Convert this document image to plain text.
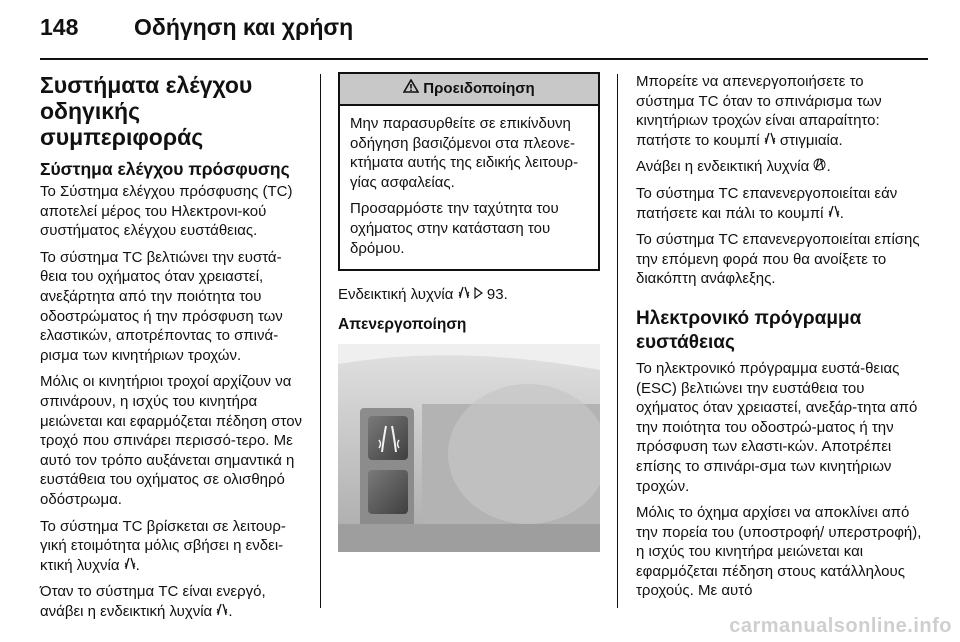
148 Οδήγηση και χρήση
Συστήματα ελέγχου οδηγικής συμπεριφοράς
Σύστημα ελέγχου πρόσφυσης

Το Σύστημα ελέγχου πρόσφυσης (TC) αποτελεί μέρος του Ηλεκτρονι-κού συστήματος ελέγχου ευστάθειας.

Το σύστημα TC βελτιώνει την ευστά-θεια του οχήματος όταν χρειαστεί, ανεξάρτητα από την ποιότητα του οδοστρώματος ή την πρόσφυση των ελαστικών, αποτρέποντας το σπινά-ρισμα των κινητήριων τροχών.

Μόλις οι κινητήριοι τροχοί αρχίζουν να σπινάρουν, η ισχύς του κινητήρα μειώνεται και εφαρμόζεται πέδηση στον τροχό που σπινάρει περισσό-τερο. Με αυτό τον τρόπο αυξάνεται σημαντικά η ευστάθεια του οχήματος σε ολισθηρό οδόστρωμα.

Το σύστημα TC βρίσκεται σε λειτουρ-γική ετοιμότητα μόλις σβήσει η ενδει-κτική λυχνία .

Όταν το σύστημα TC είναι ενεργό, ανάβει η ενδεικτική λυχνία .

Προειδοποίηση

Μην παρασυρθείτε σε επικίνδυνη οδήγηση βασιζόμενοι στα πλεονε-κτήματα αυτής της ειδικής λειτουρ-γίας ασφαλείας.

Προσαρμόστε την ταχύτητα του οχήματος στην κατάσταση του δρόμου.

Ενδεικτική λυχνία 93.

Απενεργοποίηση

Μπορείτε να απενεργοποιήσετε το σύστημα TC όταν το σπινάρισμα των κινητήριων τροχών είναι απαραίτητο: πατήστε το κουμπί στιγμιαία.

Ανάβει η ενδεικτική λυχνία .

Το σύστημα TC επανενεργοποιείται εάν πατήσετε και πάλι το κουμπί .

Το σύστημα TC επανενεργοποιείται επίσης την επόμενη φορά που θα ανοίξετε το διακόπτη ανάφλεξης.

Ηλεκτρονικό πρόγραμμα ευστάθειας

Το ηλεκτρονικό πρόγραμμα ευστά-θειας (ESC) βελτιώνει την ευστάθεια του οχήματος όταν χρειαστεί, ανεξάρ-τητα από την ποιότητα του οδοστρώ-ματος ή την πρόσφυση των ελαστι-κών. Αποτρέπει επίσης το σπινάρι-σμα των κινητήριων τροχών.

Μόλις το όχημα αρχίσει να αποκλίνει από την πορεία του (υποστροφή/ υπερστροφή), η ισχύς του κινητήρα μειώνεται και εφαρμόζεται πέδηση στους κατάλληλους τροχούς. Με αυτό

carmanualsonline.info
